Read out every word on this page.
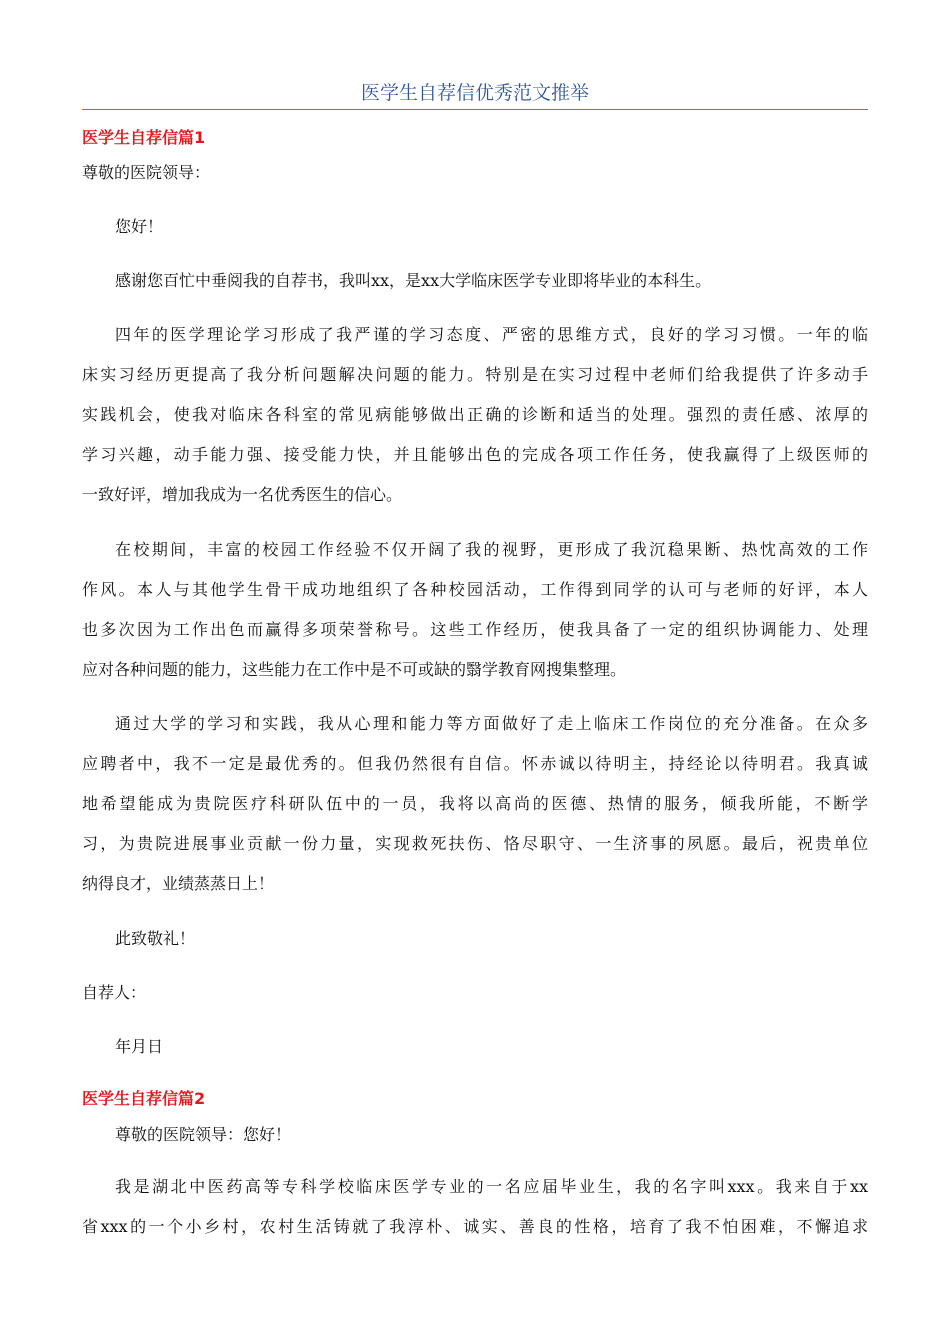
医学生自荐信优秀范文推举
医学生自荐信篇1
尊敬的医院领导：
您好！
感谢您百忙中垂阅我的自荐书，我叫xx，是xx大学临床医学专业即将毕业的本科生。
四年的医学理论学习形成了我严谨的学习态度、严密的思维方式，良好的学习习惯。一年的临
床实习经历更提高了我分析问题解决问题的能力。特别是在实习过程中老师们给我提供了许多动手
实践机会，使我对临床各科室的常见病能够做出正确的诊断和适当的处理。强烈的责任感、浓厚的
学习兴趣，动手能力强、接受能力快，并且能够出色的完成各项工作任务，使我赢得了上级医师的
一致好评，增加我成为一名优秀医生的信心。
在校期间，丰富的校园工作经验不仅开阔了我的视野，更形成了我沉稳果断、热忱高效的工作
作风。本人与其他学生骨干成功地组织了各种校园活动，工作得到同学的认可与老师的好评，本人
也多次因为工作出色而赢得多项荣誉称号。这些工作经历，使我具备了一定的组织协调能力、处理
应对各种问题的能力，这些能力在工作中是不可或缺的翳学教育网搜集整理。
通过大学的学习和实践，我从心理和能力等方面做好了走上临床工作岗位的充分准备。在众多
应聘者中，我不一定是最优秀的。但我仍然很有自信。怀赤诚以待明主，持经论以待明君。我真诚
地希望能成为贵院医疗科研队伍中的一员，我将以高尚的医德、热情的服务，倾我所能，不断学
习，为贵院进展事业贡献一份力量，实现救死扶伤、恪尽职守、一生济事的夙愿。最后，祝贵单位
纳得良才，业绩蒸蒸日上！
此致敬礼！
自荐人：
年月日
医学生自荐信篇2
尊敬的医院领导：您好！
我是湖北中医药高等专科学校临床医学专业的一名应届毕业生，我的名字叫xxx。我来自于xx
省xxx的一个小乡村，农村生活铸就了我淳朴、诚实、善良的性格，培育了我不怕困难，不懈追求
